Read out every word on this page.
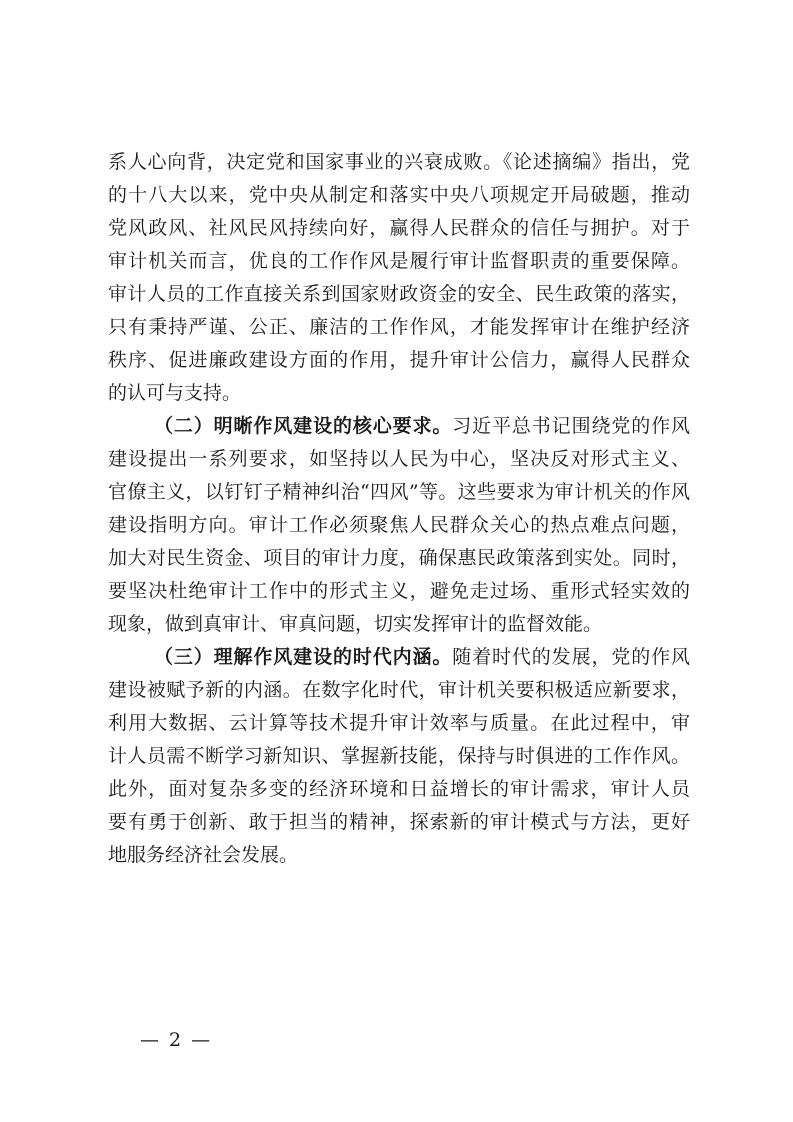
系人心向背，决定党和国家事业的兴衰成败。《论述摘编》指出，党
的十八大以来，党中央从制定和落实中央八项规定开局破题，推动
党风政风、社风民风持续向好，赢得人民群众的信任与拥护。对于
审计机关而言，优良的工作作风是履行审计监督职责的重要保障。
审计人员的工作直接关系到国家财政资金的安全、民生政策的落实，
只有秉持严谨、公正、廉洁的工作作风，才能发挥审计在维护经济
秩序、促进廉政建设方面的作用，提升审计公信力，赢得人民群众
的认可与支持。
（二）明晰作风建设的核心要求。习近平总书记围绕党的作风
建设提出一系列要求，如坚持以人民为中心，坚决反对形式主义、
官僚主义，以钉钉子精神纠治“四风”等。这些要求为审计机关的作风
建设指明方向。审计工作必须聚焦人民群众关心的热点难点问题，
加大对民生资金、项目的审计力度，确保惠民政策落到实处。同时，
要坚决杜绝审计工作中的形式主义，避免走过场、重形式轻实效的
现象，做到真审计、审真问题，切实发挥审计的监督效能。
（三）理解作风建设的时代内涵。随着时代的发展，党的作风
建设被赋予新的内涵。在数字化时代，审计机关要积极适应新要求，
利用大数据、云计算等技术提升审计效率与质量。在此过程中，审
计人员需不断学习新知识、掌握新技能，保持与时俱进的工作作风。
此外，面对复杂多变的经济环境和日益增长的审计需求，审计人员
要有勇于创新、敢于担当的精神，探索新的审计模式与方法，更好
地服务经济社会发展。
— 2 —
